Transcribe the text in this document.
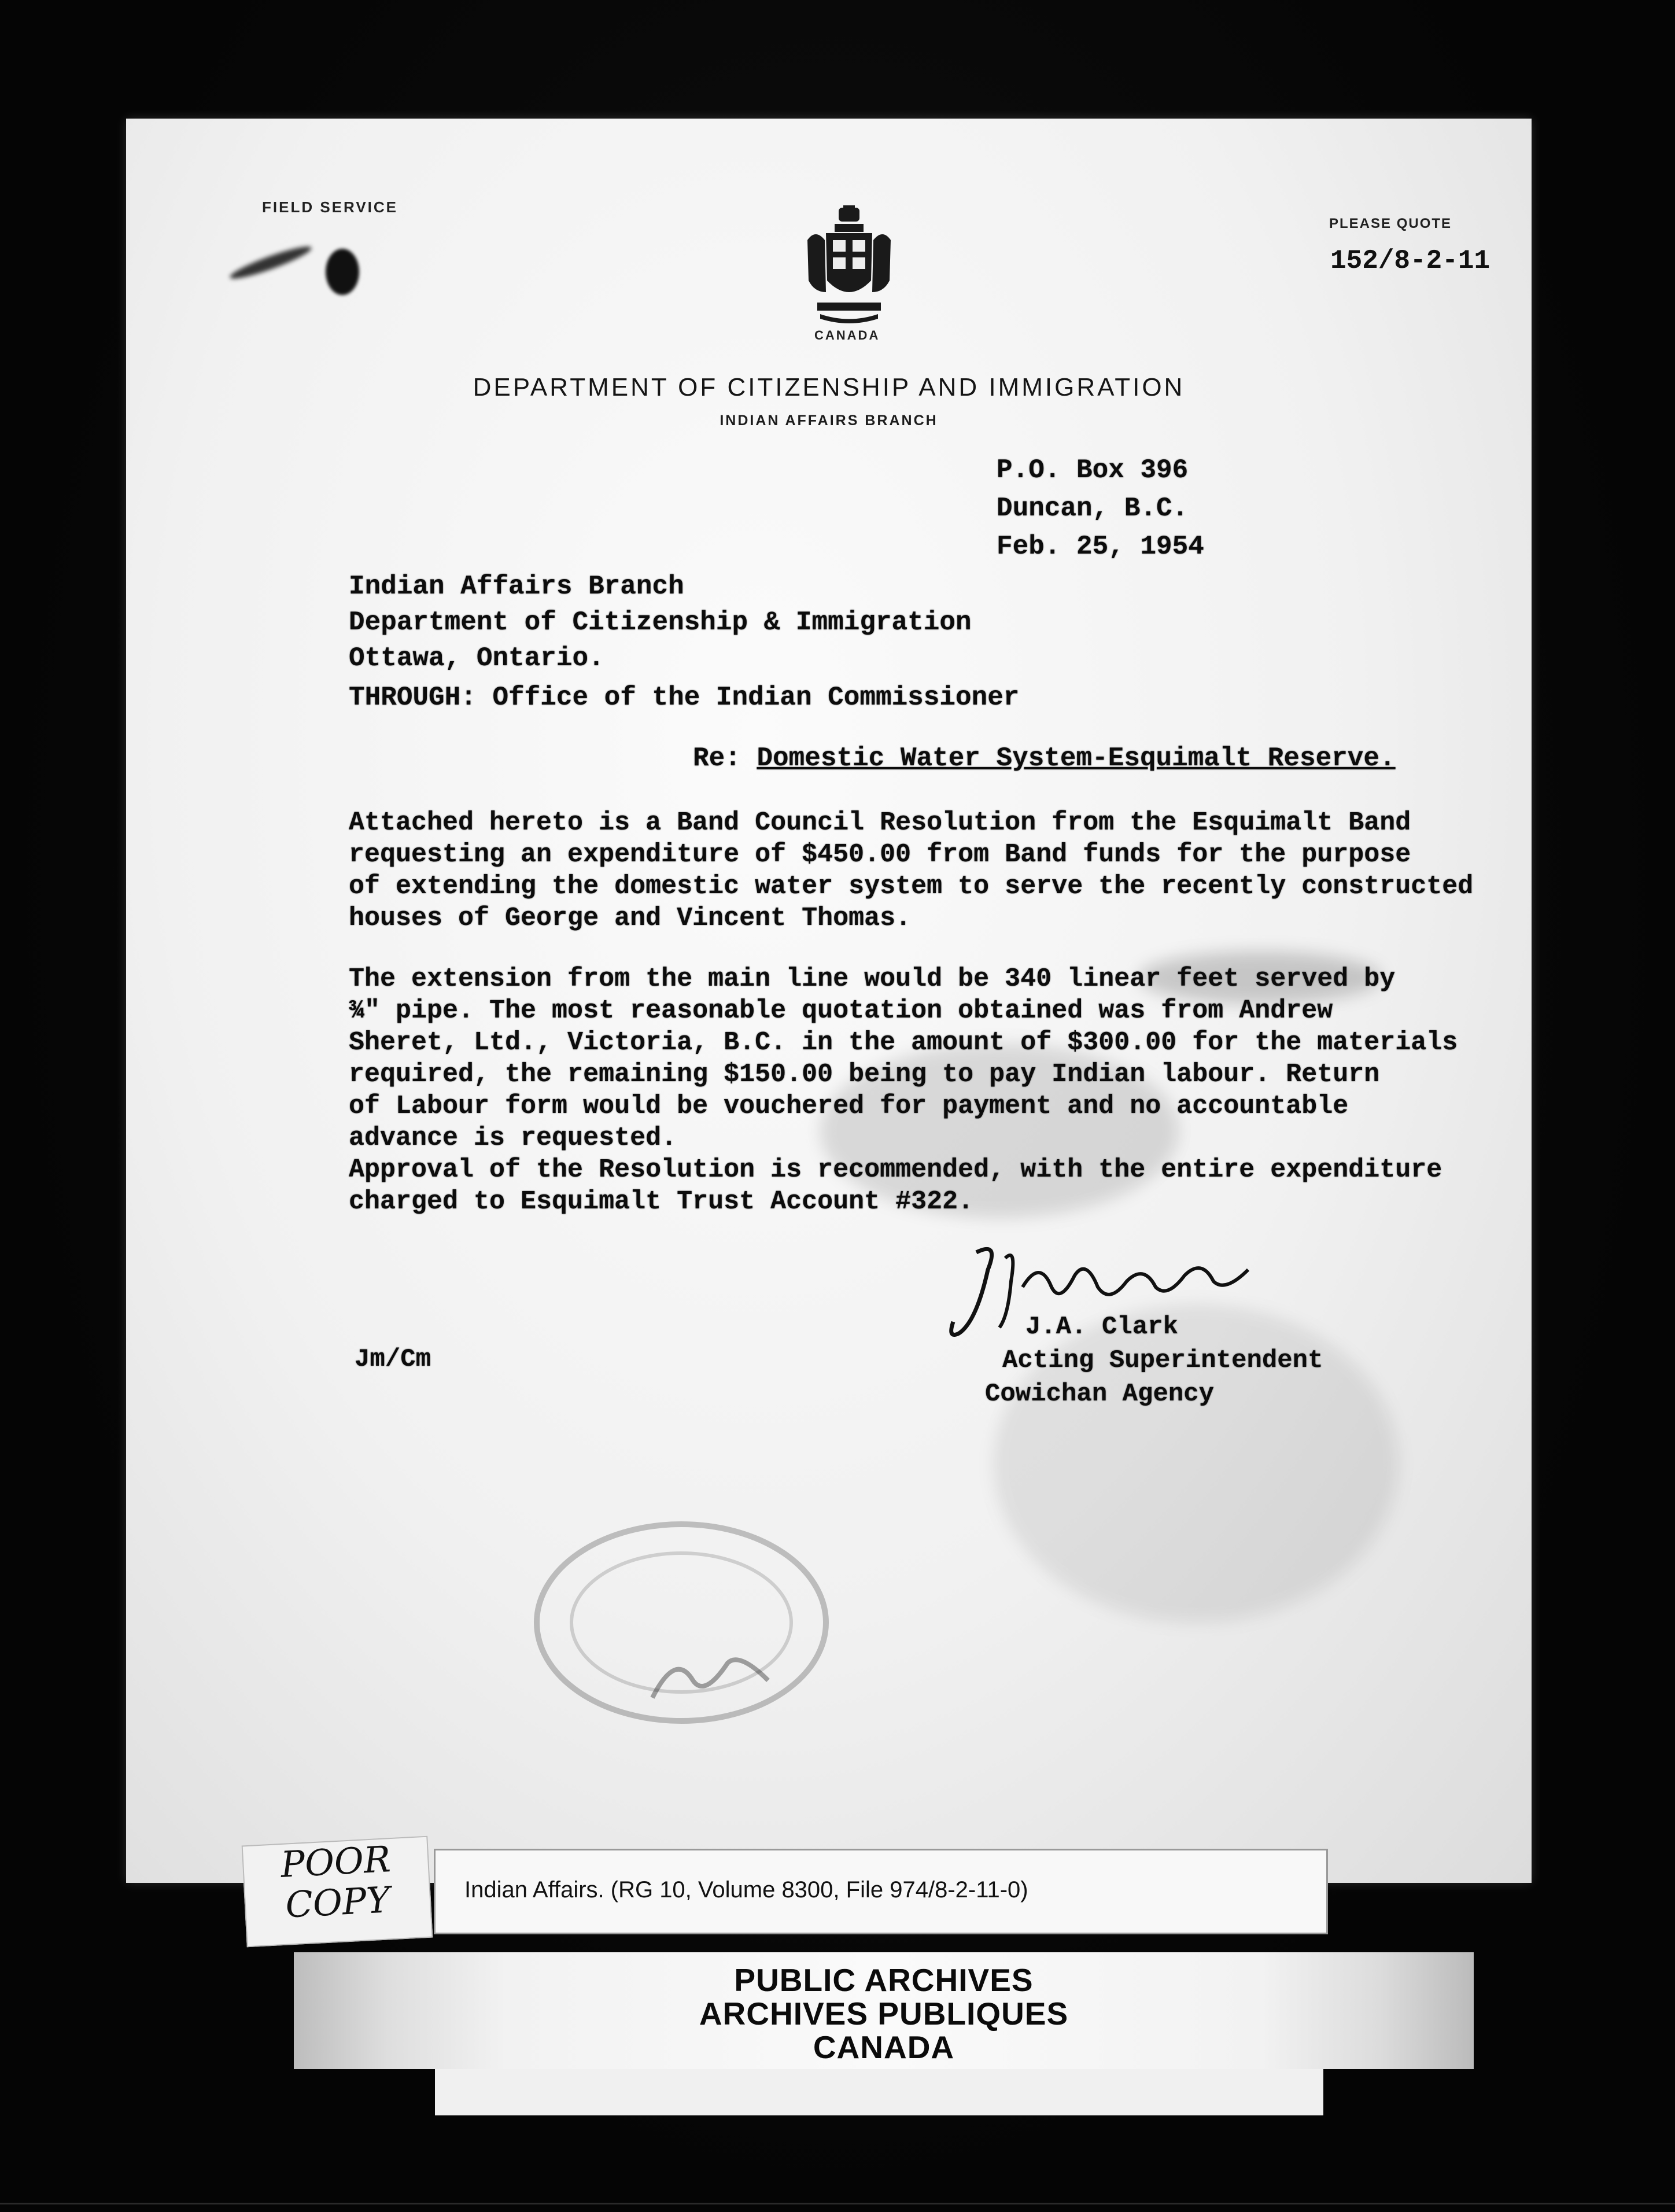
FIELD SERVICE
PLEASE QUOTE
152/8-2-11
CANADA
DEPARTMENT OF CITIZENSHIP AND IMMIGRATION
INDIAN AFFAIRS BRANCH
P.O. Box 396
Duncan, B.C.
Feb. 25, 1954
Indian Affairs Branch
Department of Citizenship & Immigration
Ottawa, Ontario.
THROUGH: Office of the Indian Commissioner
Re: Domestic Water System-Esquimalt Reserve.
Attached hereto is a Band Council Resolution from the Esquimalt Band
requesting an expenditure of $450.00 from Band funds for the purpose
of extending the domestic water system to serve the recently constructed
houses of George and Vincent Thomas.
The extension from the main line would be 340 linear feet served by
¾" pipe. The most reasonable quotation obtained was from Andrew
Sheret, Ltd., Victoria, B.C. in the amount of $300.00 for the materials
required, the remaining $150.00 being to pay Indian labour. Return
of Labour form would be vouchered for payment and no accountable
advance is requested.
Approval of the Resolution is recommended, with the entire expenditure
charged to Esquimalt Trust Account #322.
J.A. Clark
Acting Superintendent
Cowichan Agency
Jm/Cm
POOR
COPY	Indian Affairs. (RG 10, Volume 8300, File 974/8-2-11-0)
PUBLIC ARCHIVES
ARCHIVES PUBLIQUES
CANADA
